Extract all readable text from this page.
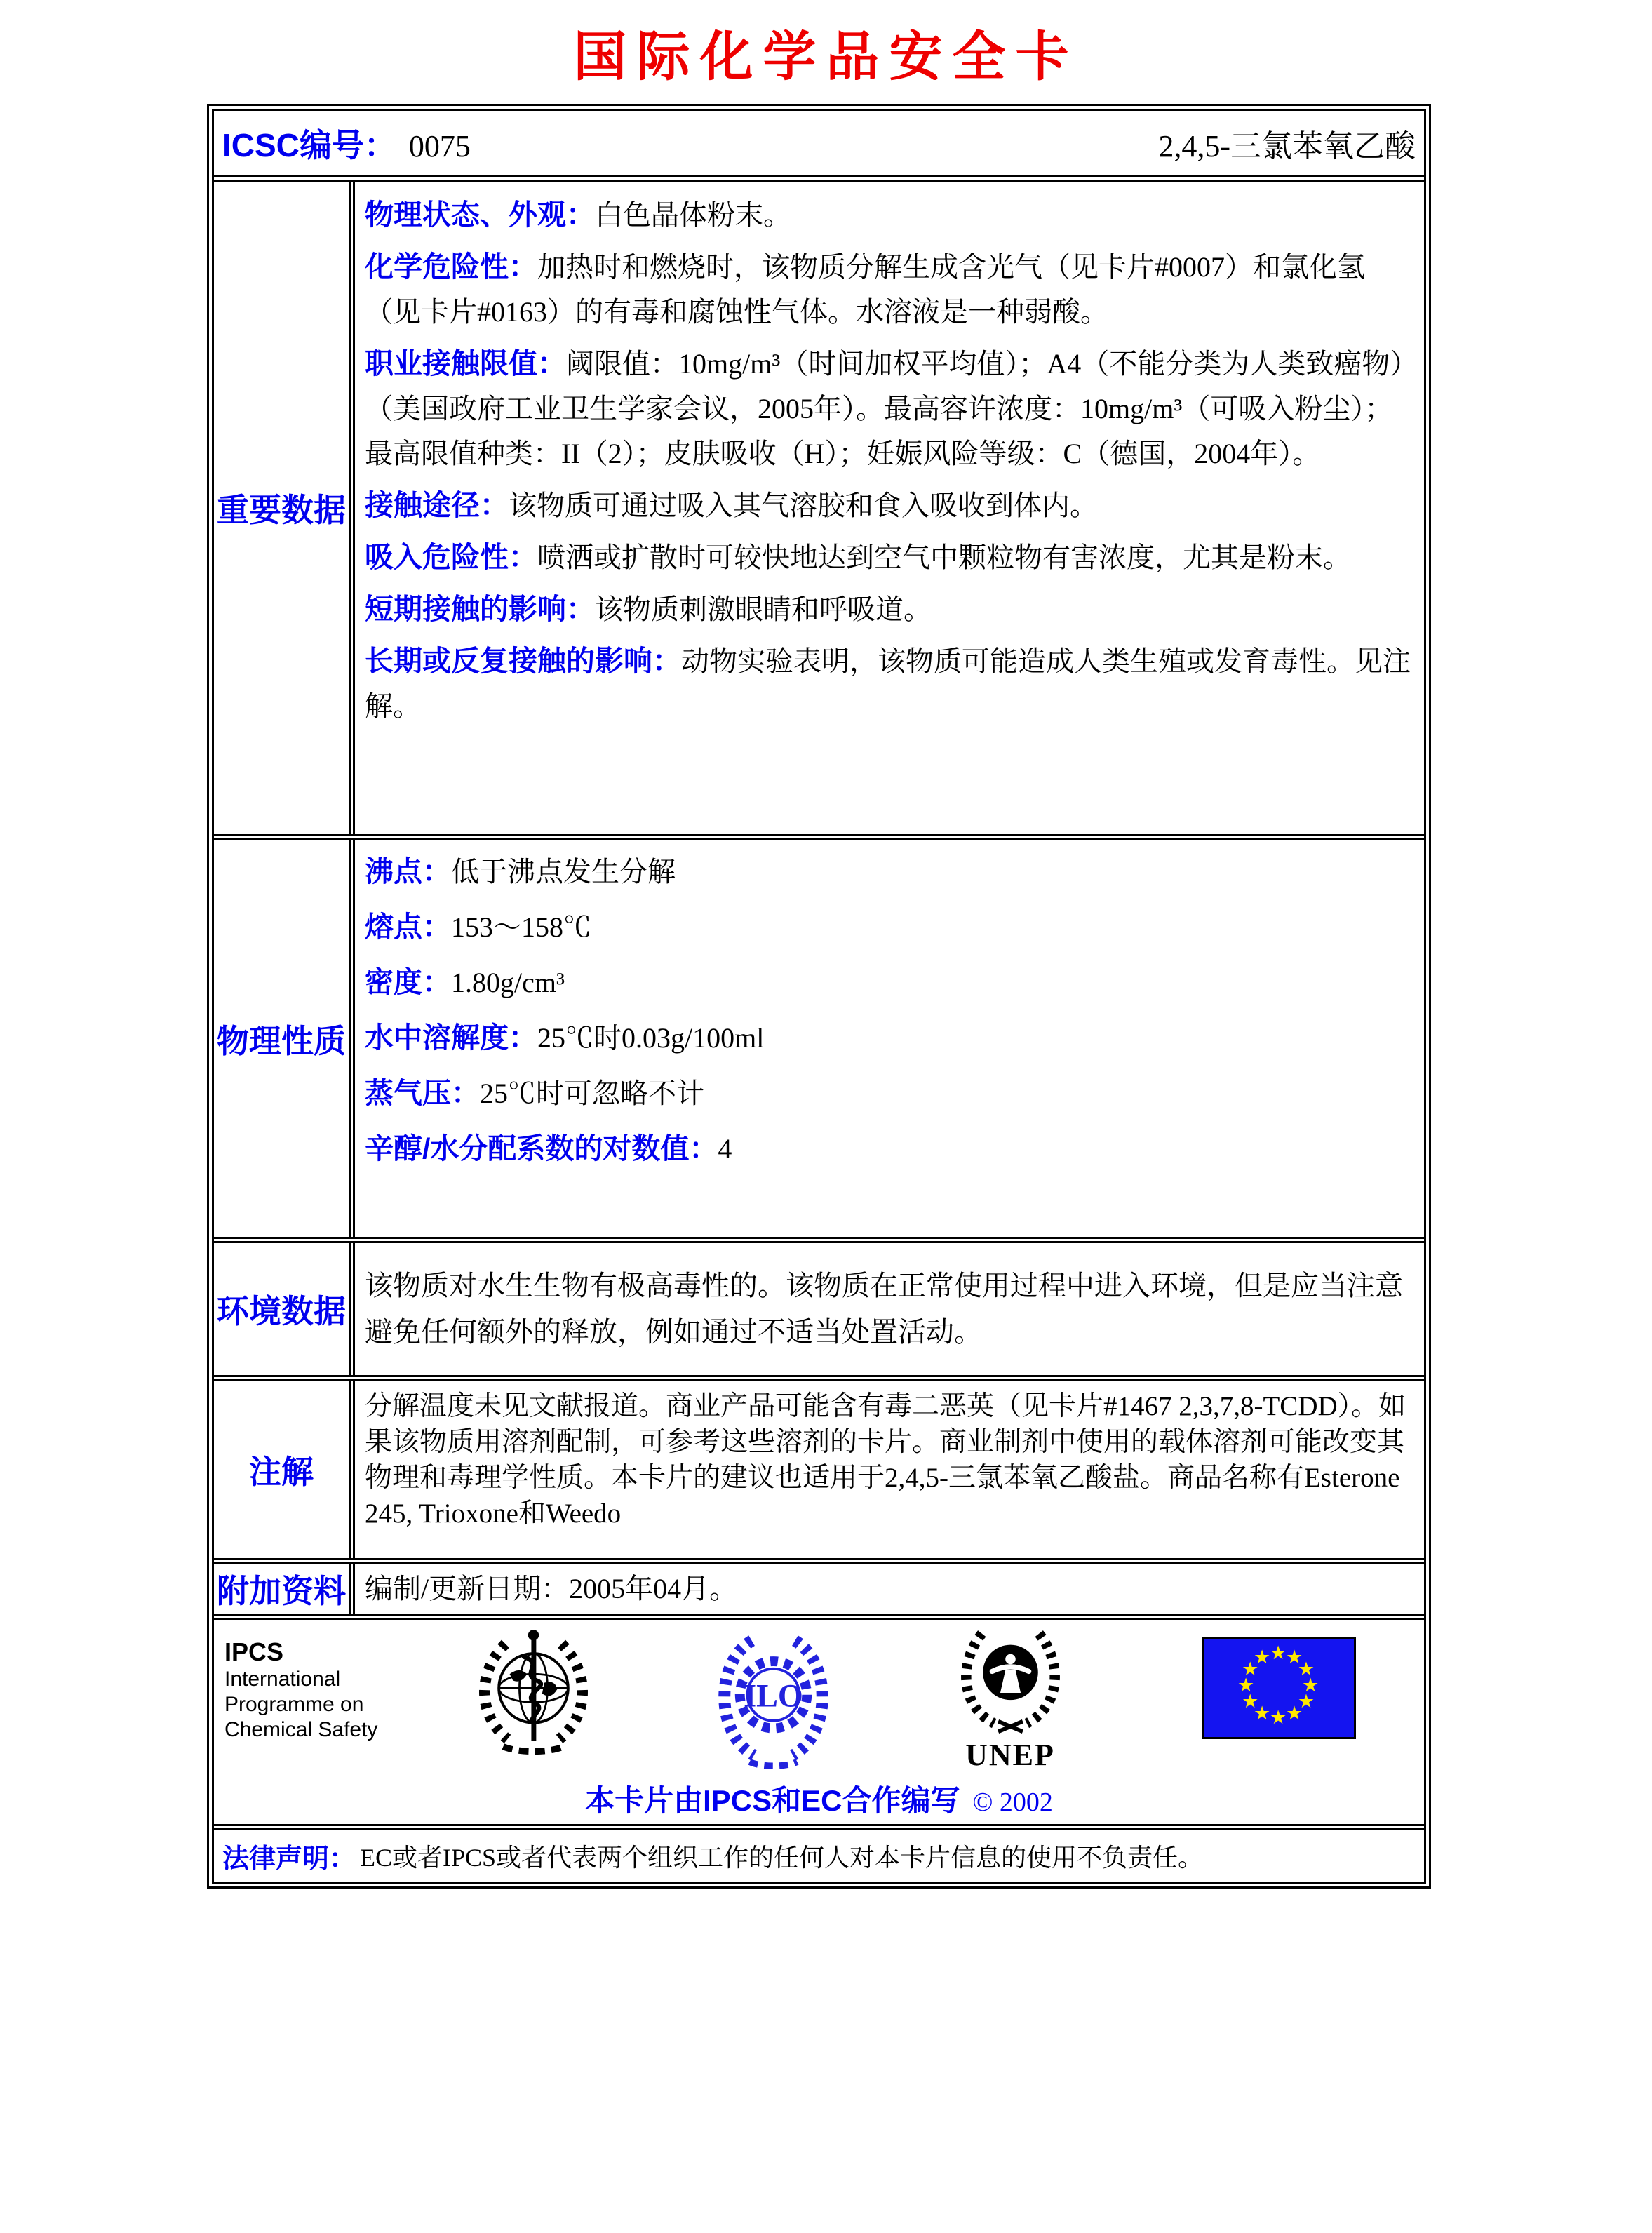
国际化学品安全卡
ICSC编号： 0075	2,4,5-三氯苯氧乙酸
重要数据

物理状态、外观：白色晶体粉末。

化学危险性：加热时和燃烧时，该物质分解生成含光气（见卡片#0007）和氯化氢（见卡片#0163）的有毒和腐蚀性气体。水溶液是一种弱酸。

职业接触限值：阈限值：10mg/m³（时间加权平均值）；A4（不能分类为人类致癌物）（美国政府工业卫生学家会议，2005年）。最高容许浓度：10mg/m³（可吸入粉尘）；最高限值种类：II（2）；皮肤吸收（H）；妊娠风险等级：C（德国，2004年）。

接触途径：该物质可通过吸入其气溶胶和食入吸收到体内。

吸入危险性：喷洒或扩散时可较快地达到空气中颗粒物有害浓度，尤其是粉末。

短期接触的影响：该物质刺激眼睛和呼吸道。

长期或反复接触的影响：动物实验表明，该物质可能造成人类生殖或发育毒性。见注解。

物理性质

沸点：低于沸点发生分解

熔点：153～158℃

密度：1.80g/cm³

水中溶解度：25℃时0.03g/100ml

蒸气压：25℃时可忽略不计

辛醇/水分配系数的对数值：4

环境数据

该物质对水生生物有极高毒性的。该物质在正常使用过程中进入环境，但是应当注意避免任何额外的释放，例如通过不适当处置活动。

注解

分解温度未见文献报道。商业产品可能含有毒二恶英（见卡片#1467 2,3,7,8-TCDD）。如果该物质用溶剂配制，可参考这些溶剂的卡片。商业制剂中使用的载体溶剂可能改变其物理和毒理学性质。本卡片的建议也适用于2,4,5-三氯苯氧乙酸盐。商品名称有Esterone 245, Trioxone和Weedo

附加资料 编制/更新日期：2005年04月。

IPCS
International
Programme on
Chemical Safety
ILO
UNEP
★
★
★
★
★
★
★
★
★
★
★
★
本卡片由IPCS和EC合作编写 © 2002
法律声明： EC或者IPCS或者代表两个组织工作的任何人对本卡片信息的使用不负责任。
